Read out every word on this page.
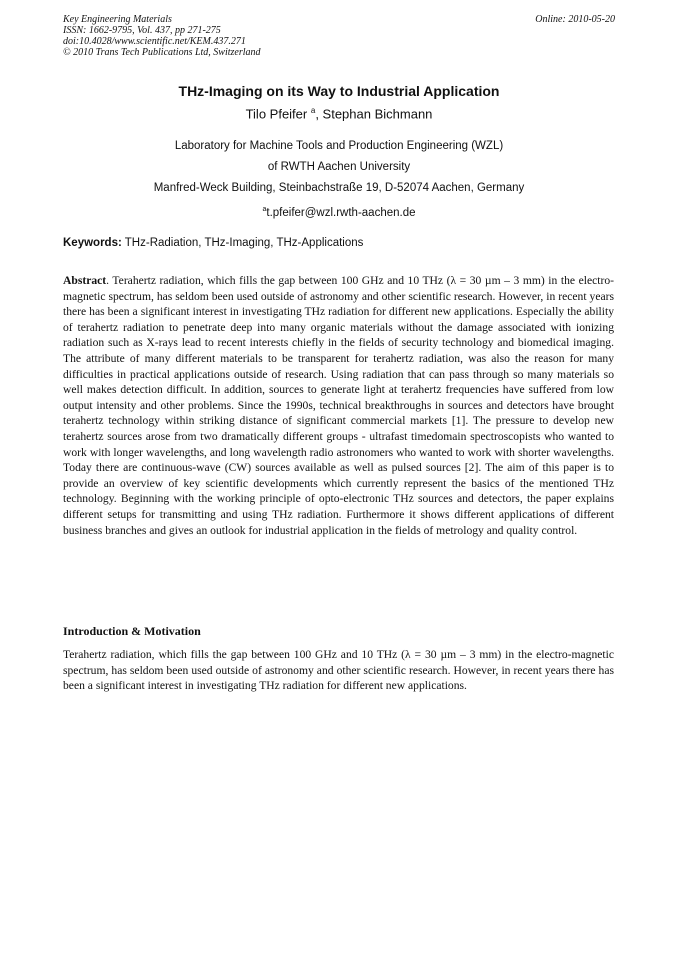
Key Engineering Materials
ISSN: 1662-9795, Vol. 437, pp 271-275
doi:10.4028/www.scientific.net/KEM.437.271
© 2010 Trans Tech Publications Ltd, Switzerland
Online: 2010-05-20
THz-Imaging on its Way to Industrial Application
Tilo Pfeifer $^a$, Stephan Bichmann
Laboratory for Machine Tools and Production Engineering (WZL)
of RWTH Aachen University
Manfred-Weck Building, Steinbachstraße 19, D-52074 Aachen, Germany
$^a$t.pfeifer@wzl.rwth-aachen.de
Keywords: THz-Radiation, THz-Imaging, THz-Applications

Abstract. Terahertz radiation, which fills the gap between 100 GHz and 10 THz (λ = 30 µm – 3 mm) in the electro-magnetic spectrum, has seldom been used outside of astronomy and other scientific research. However, in recent years there has been a significant interest in investigating THz radiation for different new applications. Especially the ability of terahertz radiation to penetrate deep into many organic materials without the damage associated with ionizing radiation such as X-rays lead to recent interests chiefly in the fields of security technology and biomedical imaging. The attribute of many different materials to be transparent for terahertz radiation, was also the reason for many difficulties in practical applications outside of research. Using radiation that can pass through so many materials so well makes detection difficult. In addition, sources to generate light at terahertz frequencies have suffered from low output intensity and other problems. Since the 1990s, technical breakthroughs in sources and detectors have brought terahertz technology within striking distance of significant commercial markets [1]. The pressure to develop new terahertz sources arose from two dramatically different groups - ultrafast timedomain spectroscopists who wanted to work with longer wavelengths, and long wavelength radio astronomers who wanted to work with shorter wavelengths. Today there are continuous-wave (CW) sources available as well as pulsed sources [2]. The aim of this paper is to provide an overview of key scientific developments which currently represent the basics of the mentioned THz technology. Beginning with the working principle of opto-electronic THz sources and detectors, the paper explains different setups for transmitting and using THz radiation. Furthermore it shows different applications of different business branches and gives an outlook for industrial application in the fields of metrology and quality control.

Introduction & Motivation

Terahertz radiation, which fills the gap between 100 GHz and 10 THz (λ = 30 µm – 3 mm) in the electro-magnetic spectrum, has seldom been used outside of astronomy and other scientific research. However, in recent years there has been a significant interest in investigating THz radiation for different new applications.
